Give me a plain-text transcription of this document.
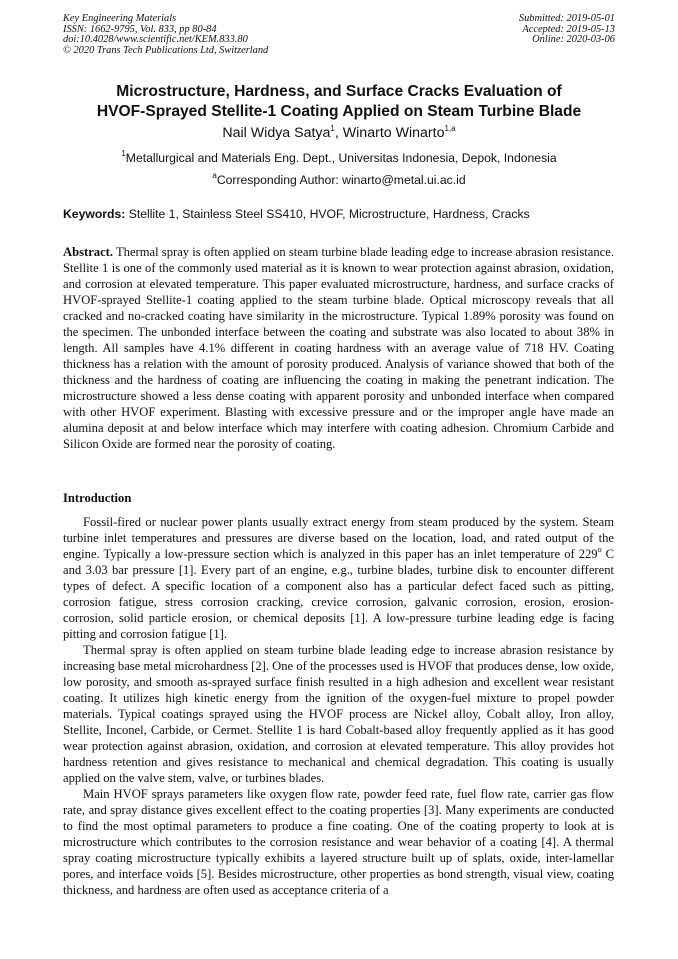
Key Engineering Materials
ISSN: 1662-9795, Vol. 833, pp 80-84
doi:10.4028/www.scientific.net/KEM.833.80
© 2020 Trans Tech Publications Ltd, Switzerland
Submitted: 2019-05-01
Accepted: 2019-05-13
Online: 2020-03-06
Microstructure, Hardness, and Surface Cracks Evaluation of
HVOF-Sprayed Stellite-1 Coating Applied on Steam Turbine Blade
Nail Widya Satya$^1$, Winarto Winarto$^{1,a}$
$^1$Metallurgical and Materials Eng. Dept., Universitas Indonesia, Depok, Indonesia
$^a$Corresponding Author: winarto@metal.ui.ac.id
Keywords: Stellite 1, Stainless Steel SS410, HVOF, Microstructure, Hardness, Cracks

Abstract. Thermal spray is often applied on steam turbine blade leading edge to increase abrasion resistance. Stellite 1 is one of the commonly used material as it is known to wear protection against abrasion, oxidation, and corrosion at elevated temperature. This paper evaluated microstructure, hardness, and surface cracks of HVOF-sprayed Stellite-1 coating applied to the steam turbine blade. Optical microscopy reveals that all cracked and no-cracked coating have similarity in the microstructure. Typical 1.89% porosity was found on the specimen. The unbonded interface between the coating and substrate was also located to about 38% in length. All samples have 4.1% different in coating hardness with an average value of 718 HV. Coating thickness has a relation with the amount of porosity produced. Analysis of variance showed that both of the thickness and the hardness of coating are influencing the coating in making the penetrant indication. The microstructure showed a less dense coating with apparent porosity and unbonded interface when compared with other HVOF experiment. Blasting with excessive pressure and or the improper angle have made an alumina deposit at and below interface which may interfere with coating adhesion. Chromium Carbide and Silicon Oxide are formed near the porosity of coating.

Introduction

Fossil-fired or nuclear power plants usually extract energy from steam produced by the system. Steam turbine inlet temperatures and pressures are diverse based on the location, load, and rated output of the engine. Typically a low-pressure section which is analyzed in this paper has an inlet temperature of 229$^o$ C and 3.03 bar pressure [1]. Every part of an engine, e.g., turbine blades, turbine disk to encounter different types of defect. A specific location of a component also has a particular defect faced such as pitting, corrosion fatigue, stress corrosion cracking, crevice corrosion, galvanic corrosion, erosion, erosion-corrosion, solid particle erosion, or chemical deposits [1]. A low-pressure turbine leading edge is facing pitting and corrosion fatigue [1].

Thermal spray is often applied on steam turbine blade leading edge to increase abrasion resistance by increasing base metal microhardness [2]. One of the processes used is HVOF that produces dense, low oxide, low porosity, and smooth as-sprayed surface finish resulted in a high adhesion and excellent wear resistant coating. It utilizes high kinetic energy from the ignition of the oxygen-fuel mixture to propel powder materials. Typical coatings sprayed using the HVOF process are Nickel alloy, Cobalt alloy, Iron alloy, Stellite, Inconel, Carbide, or Cermet. Stellite 1 is hard Cobalt-based alloy frequently applied as it has good wear protection against abrasion, oxidation, and corrosion at elevated temperature. This alloy provides hot hardness retention and gives resistance to mechanical and chemical degradation. This coating is usually applied on the valve stem, valve, or turbines blades.

Main HVOF sprays parameters like oxygen flow rate, powder feed rate, fuel flow rate, carrier gas flow rate, and spray distance gives excellent effect to the coating properties [3]. Many experiments are conducted to find the most optimal parameters to produce a fine coating. One of the coating property to look at is microstructure which contributes to the corrosion resistance and wear behavior of a coating [4]. A thermal spray coating microstructure typically exhibits a layered structure built up of splats, oxide, inter-lamellar pores, and interface voids [5]. Besides microstructure, other properties as bond strength, visual view, coating thickness, and hardness are often used as acceptance criteria of a
